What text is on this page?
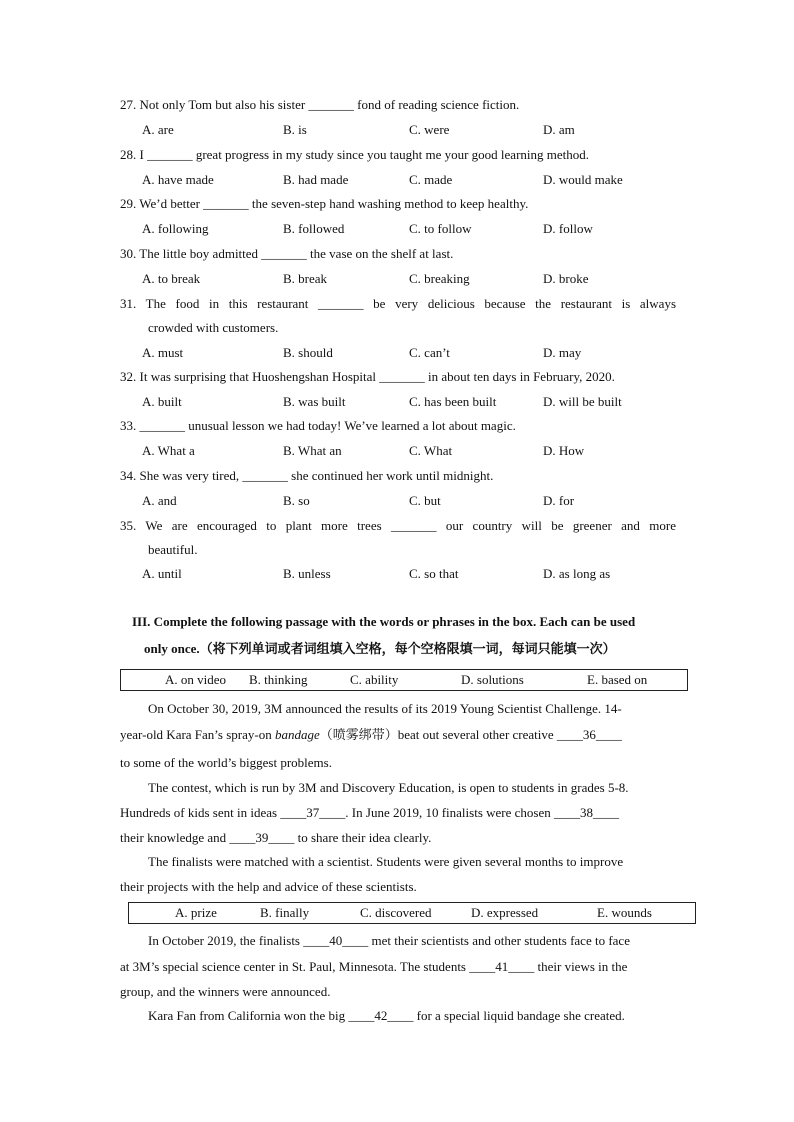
27. Not only Tom but also his sister _______ fond of reading science fiction.
A. are	B. is	C. were	D. am
28. I _______ great progress in my study since you taught me your good learning method.
A. have made	B. had made	C. made	D. would make
29. We’d better _______ the seven-step hand washing method to keep healthy.
A. following	B. followed	C. to follow	D. follow
30. The little boy admitted _______ the vase on the shelf at last.
A. to break	B. break	C. breaking	D. broke
31. The food in this restaurant _______ be very delicious because the restaurant is always
crowded with customers.
A. must	B. should	C. can’t	D. may
32. It was surprising that Huoshengshan Hospital _______ in about ten days in February, 2020.
A. built	B. was built	C. has been built	D. will be built
33. _______ unusual lesson we had today! We’ve learned a lot about magic.
A. What a	B. What an	C. What	D. How
34. She was very tired, _______ she continued her work until midnight.
A. and	B. so	C. but	D. for
35. We are encouraged to plant more trees _______ our country will be greener and more
beautiful.
A. until	B. unless	C. so that	D. as long as
III. Complete the following passage with the words or phrases in the box. Each can be used
only once.（将下列单词或者词组填入空格，每个空格限填一词，每词只能填一次）
A. on video B. thinking	C. ability	D. solutions	E. based on
On October 30, 2019, 3M announced the results of its 2019 Young Scientist Challenge. 14-
year-old Kara Fan’s spray-on bandage（喷雾绑带）beat out several other creative ____36____
to some of the world’s biggest problems.
The contest, which is run by 3M and Discovery Education, is open to students in grades 5-8.
Hundreds of kids sent in ideas ____37____. In June 2019, 10 finalists were chosen ____38____
their knowledge and ____39____ to share their idea clearly.
The finalists were matched with a scientist. Students were given several months to improve
their projects with the help and advice of these scientists.
A. prize	B. finally	C. discovered	D. expressed	E. wounds
In October 2019, the finalists ____40____ met their scientists and other students face to face
at 3M’s special science center in St. Paul, Minnesota. The students ____41____ their views in the
group, and the winners were announced.
Kara Fan from California won the big ____42____ for a special liquid bandage she created.
